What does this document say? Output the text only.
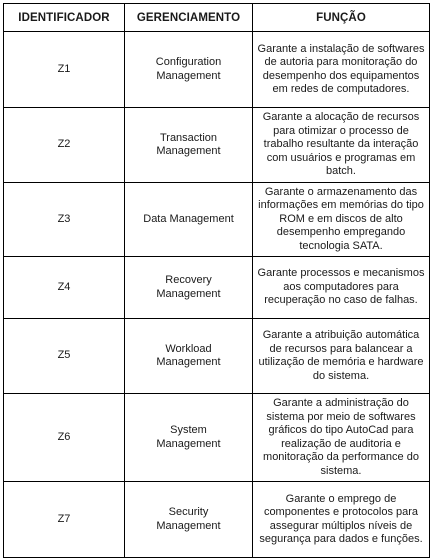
IDENTIFICADOR	GERENCIAMENTO	FUNÇÃO
Z1	Configuration Management	Garante a instalação de softwares de autoria para monitoração do desempenho dos equipamentos em redes de computadores.
Z2	Transaction Management	Garante a alocação de recursos para otimizar o processo de trabalho resultante da interação com usuários e programas em batch.
Z3	Data Management	Garante o armazenamento das informações em memórias do tipo ROM e em discos de alto desempenho empregando tecnologia SATA.
Z4	Recovery Management	Garante processos e mecanismos aos computadores para recuperação no caso de falhas.
Z5	Workload Management	Garante a atribuição automática de recursos para balancear a utilização de memória e hardware do sistema.
Z6	System Management	Garante a administração do sistema por meio de softwares gráficos do tipo AutoCad para realização de auditoria e monitoração da performance do sistema.
Z7	Security Management	Garante o emprego de componentes e protocolos para assegurar múltiplos níveis de segurança para dados e funções.
